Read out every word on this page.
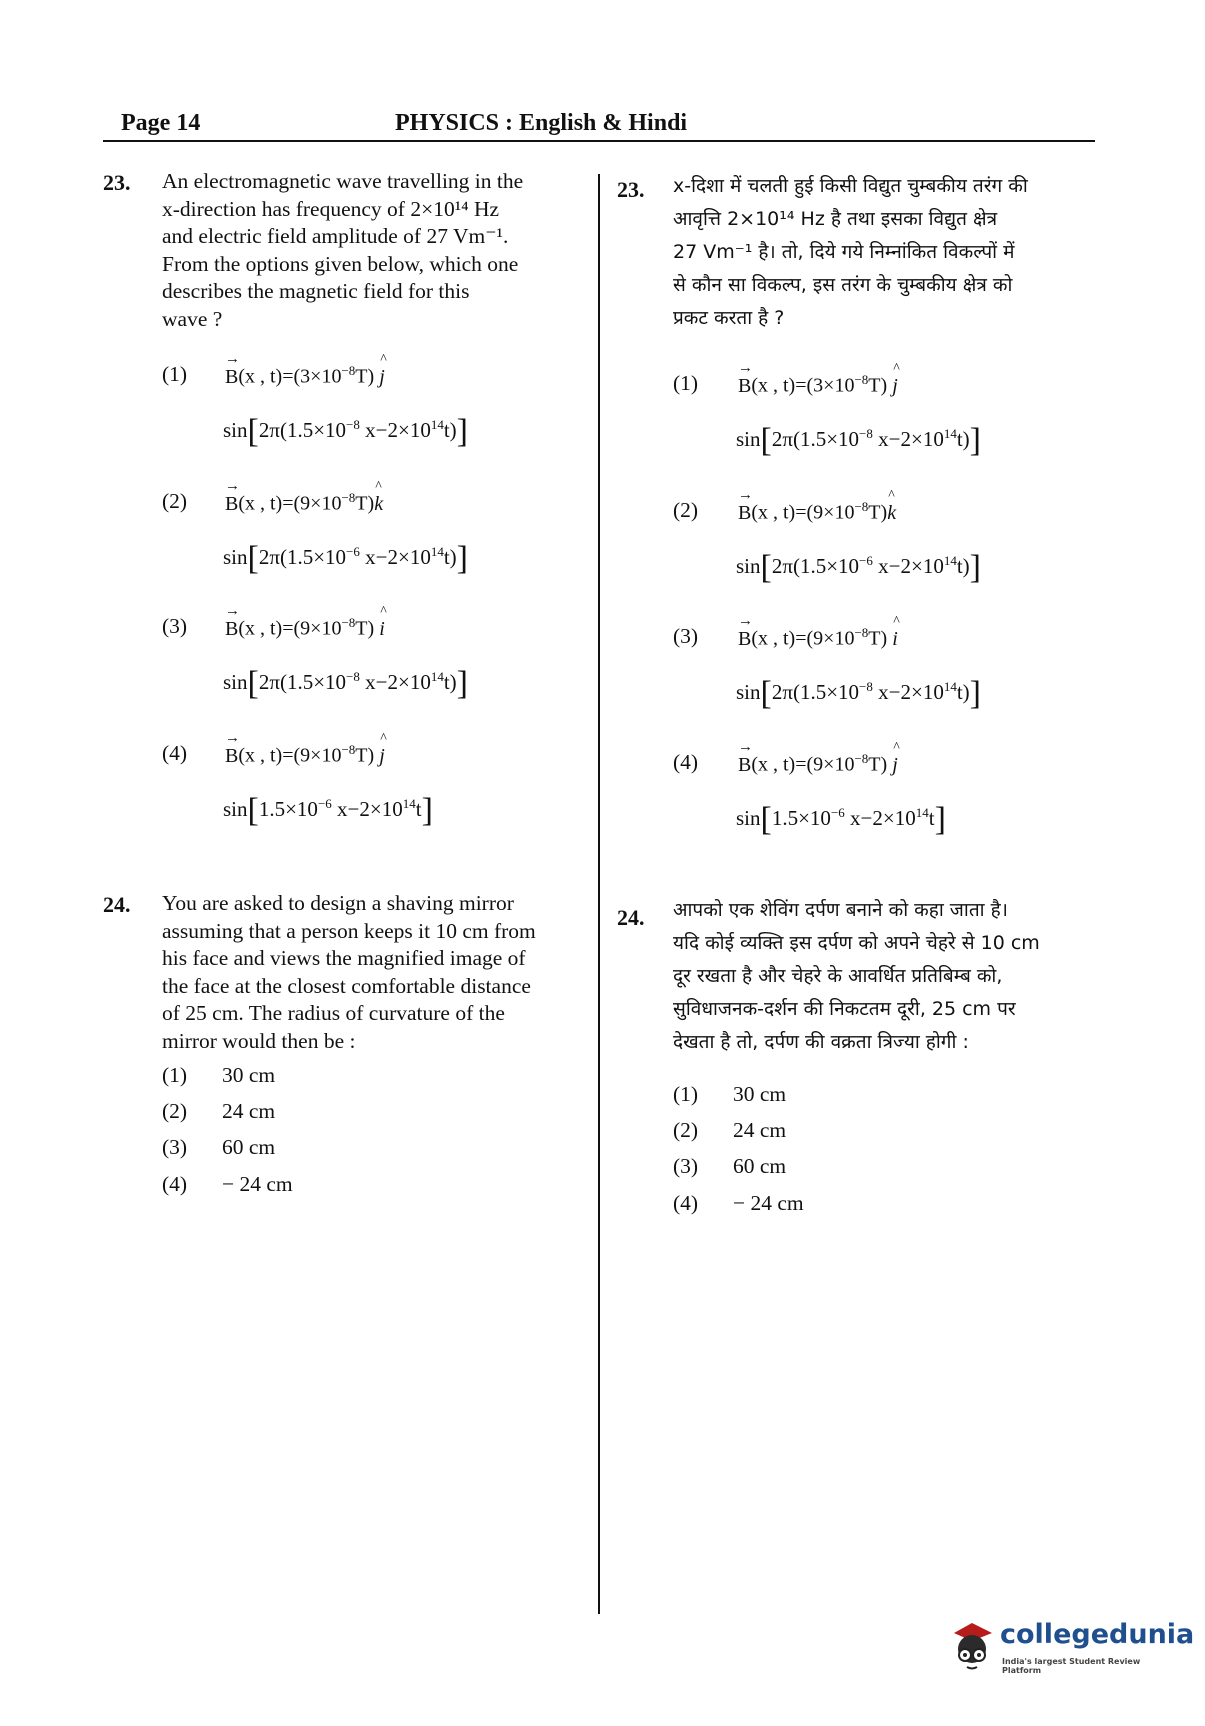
Page 14	PHYSICS : English & Hindi
23. An electromagnetic wave travelling in the
x-direction has frequency of 2×10¹⁴ Hz
and electric field amplitude of 27 Vm⁻¹.
From the options given below, which one
describes the magnetic field for this
wave ?
(1) → B(x , $t)=(3\times 10^{-8}T)$ ^ j
$\sin[2\pi(1.5\times 10^{-8}$ $x-2\times 10^{14}t$)]
(2) → B(x , $t)=(9\times 10^{-8}T)\^{}$ k
$\sin[2\pi(1.5\times 10^{-6}$ $x-2\times 10^{14}t$)]
(3) → B(x , $t)=(9\times 10^{-8}T)$ ^ i
$\sin[2\pi(1.5\times 10^{-8}$ $x-2\times 10^{14}t$)]
(4) → B(x , $t)=(9\times 10^{-8}T)$ ^ j
$\sin[1.5\times 10^{-6}$ $x-2\times 10^{14}t$]
23. x-दिशा में चलती हुई किसी विद्युत चुम्बकीय तरंग की
आवृत्ति 2×10¹⁴ Hz है तथा इसका विद्युत क्षेत्र
27 Vm⁻¹ है। तो, दिये गये निम्नांकित विकल्पों में
से कौन सा विकल्प, इस तरंग के चुम्बकीय क्षेत्र को
प्रकट करता है ?
(1) → B(x , $t)=(3\times 10^{-8}T)$ ^ j
$\sin[2\pi(1.5\times 10^{-8}$ $x-2\times 10^{14}t$)]
(2) → B(x , $t)=(9\times 10^{-8}T)\^{}$ k
$\sin[2\pi(1.5\times 10^{-6}$ $x-2\times 10^{14}t$)]
(3) → B(x , $t)=(9\times 10^{-8}T)$ ^ i
$\sin[2\pi(1.5\times 10^{-8}$ $x-2\times 10^{14}t$)]
(4) → B(x , $t)=(9\times 10^{-8}T)$ ^ j
$\sin[1.5\times 10^{-6}$ $x-2\times 10^{14}t$]
24. You are asked to design a shaving mirror
assuming that a person keeps it 10 cm from
his face and views the magnified image of
the face at the closest comfortable distance
of 25 cm. The radius of curvature of the
mirror would then be :
(1) 30 cm
(2) 24 cm
(3) 60 cm
(4) − 24 cm
24. आपको एक शेविंग दर्पण बनाने को कहा जाता है।
यदि कोई व्यक्ति इस दर्पण को अपने चेहरे से 10 cm
दूर रखता है और चेहरे के आवर्धित प्रतिबिम्ब को,
सुविधाजनक-दर्शन की निकटतम दूरी, 25 cm पर
देखता है तो, दर्पण की वक्रता त्रिज्या होगी :
(1) 30 cm
(2) 24 cm
(3) 60 cm
(4) − 24 cm
collegedunia
India's largest Student Review Platform
